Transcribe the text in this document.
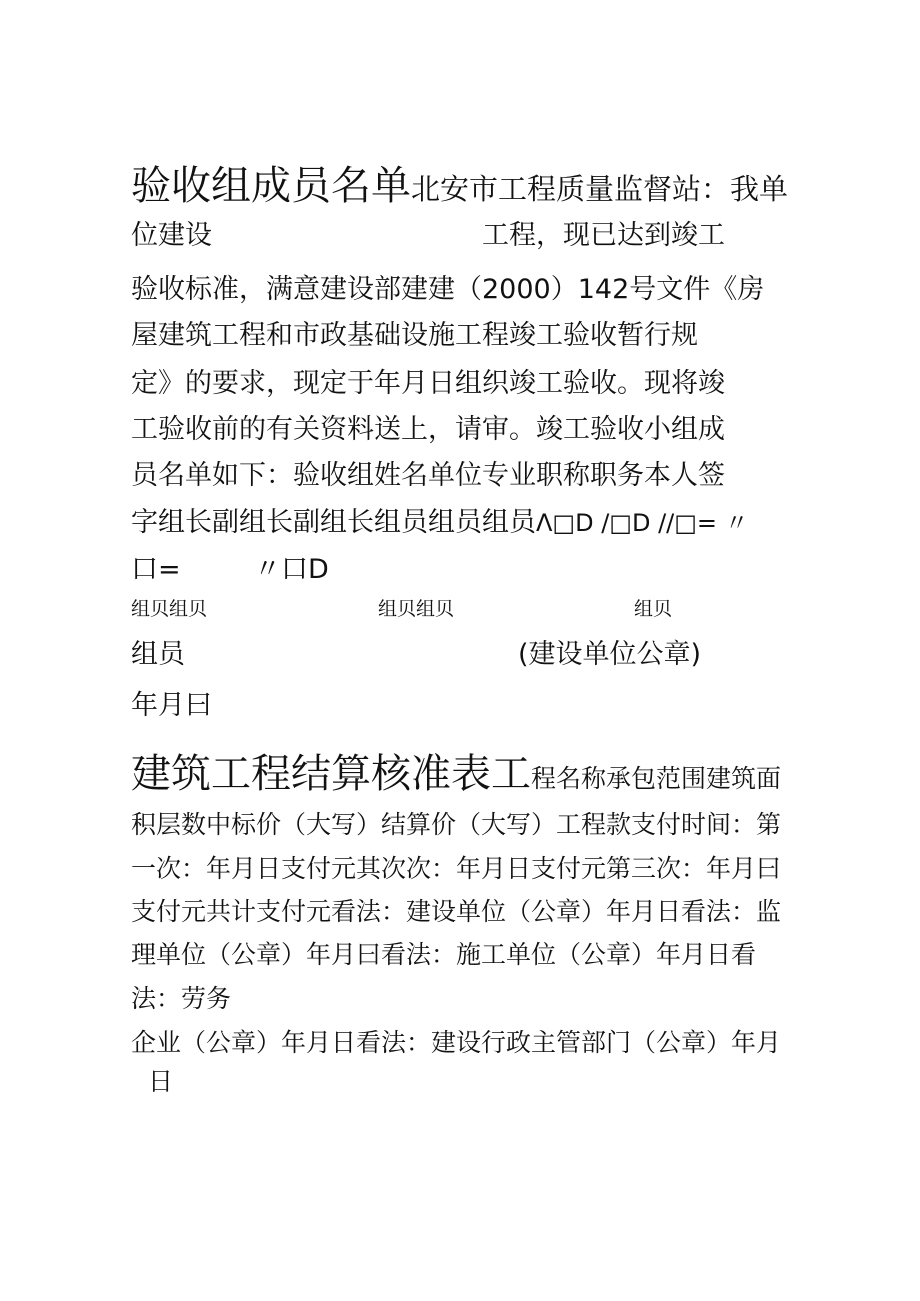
验收组成员名单北安市工程质量监督站：我单
位建设	工程，现已达到竣工
验收标准，满意建设部建建（2000）142号文件《房
屋建筑工程和市政基础设施工程竣工验收暂行规
定》的要求，现定于年月日组织竣工验收。现将竣
工验收前的有关资料送上，请审。竣工验收小组成
员名单如下：验收组姓名单位专业职称职务本人签
字组长副组长副组长组员组员组员Λ□D /□D //□= 〃
口=	〃口D
组贝组贝	组贝组贝	组贝
组员	(建设单位公章)
年月曰
建筑工程结算核准表工程名称承包范围建筑面
积层数中标价（大写）结算价（大写）工程款支付时间：第
一次：年月日支付元其次次：年月日支付元第三次：年月曰
支付元共计支付元看法：建设单位（公章）年月日看法：监
理单位（公章）年月曰看法：施工单位（公章）年月日看
法：劳务
企业（公章）年月日看法：建设行政主管部门（公章）年月
日
